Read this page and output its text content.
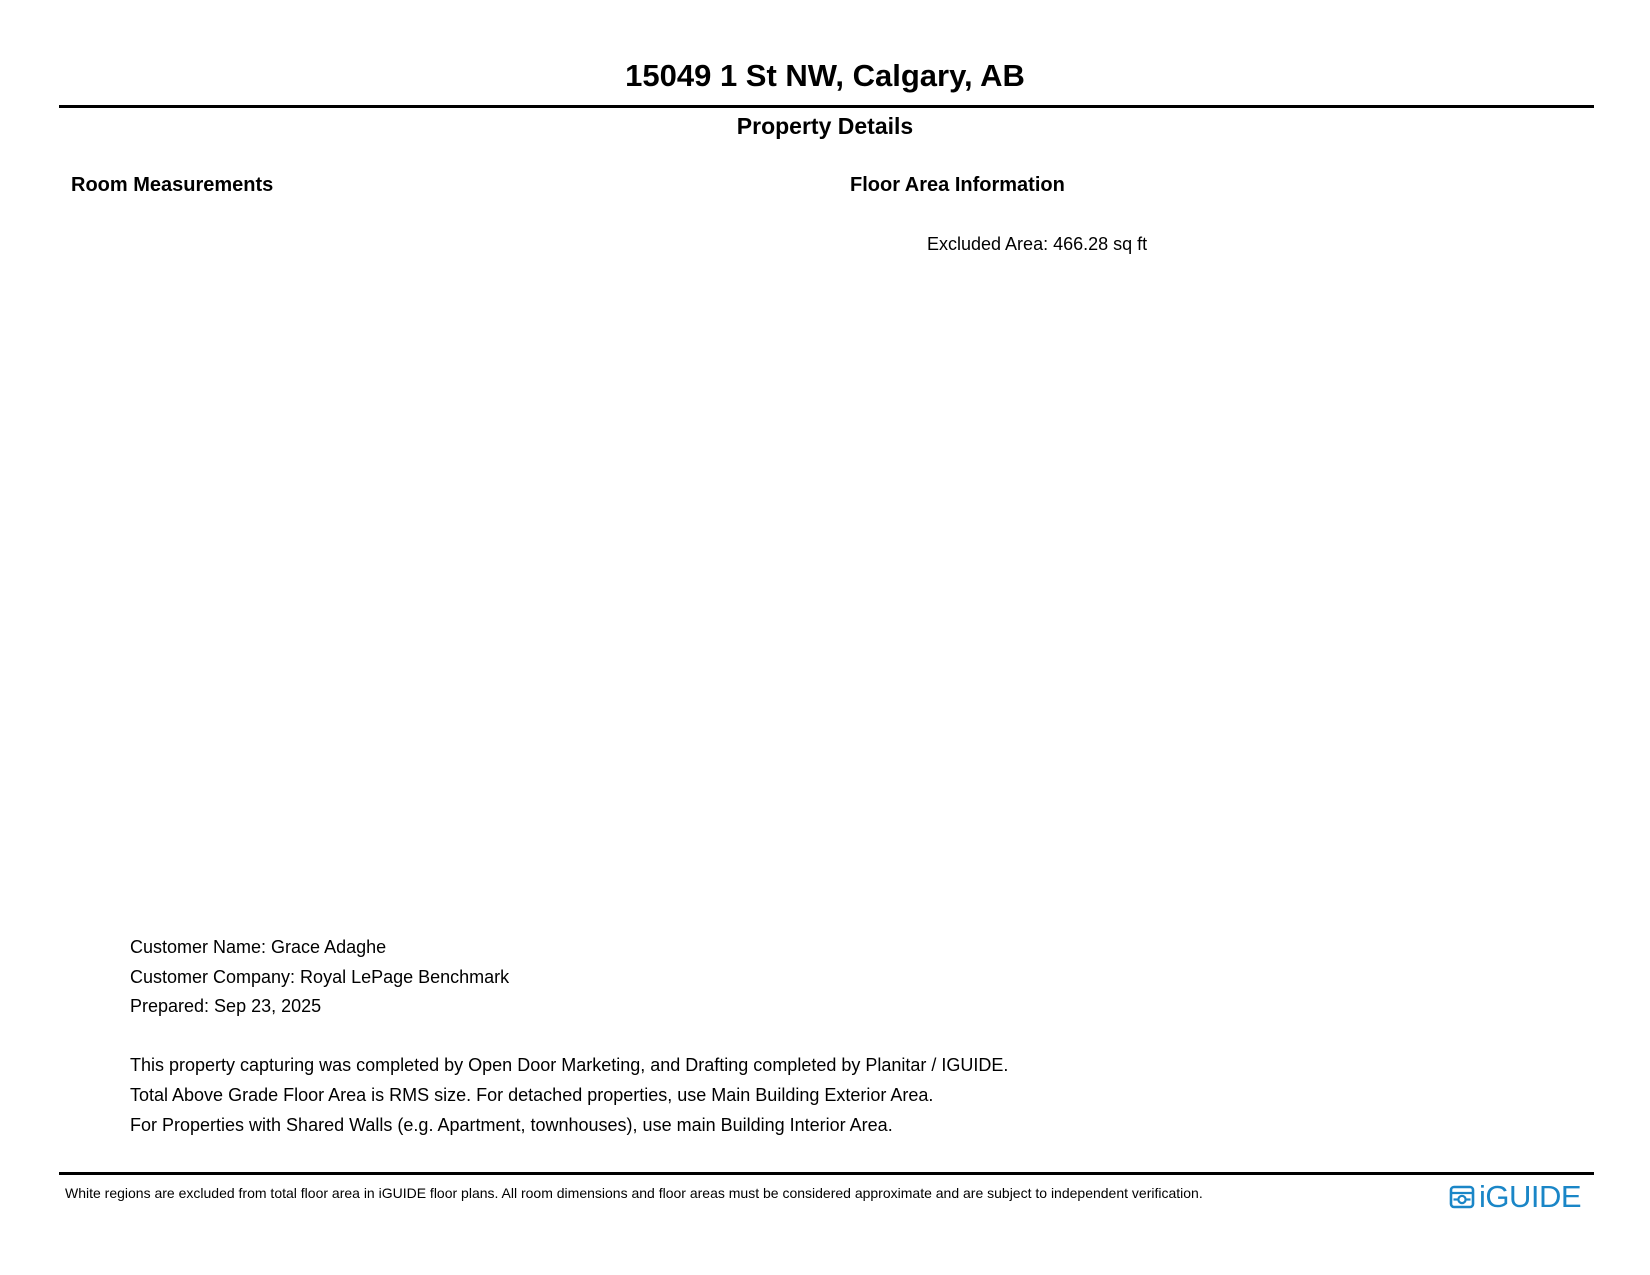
15049 1 St NW, Calgary, AB
Property Details
Room Measurements	Floor Area Information
Excluded Area: 466.28 sq ft
Customer Name: Grace Adaghe
Customer Company: Royal LePage Benchmark
Prepared: Sep 23, 2025
This property capturing was completed by Open Door Marketing, and Drafting completed by Planitar / IGUIDE.
Total Above Grade Floor Area is RMS size. For detached properties, use Main Building Exterior Area.
For Properties with Shared Walls (e.g. Apartment, townhouses), use main Building Interior Area.
White regions are excluded from total floor area in iGUIDE floor plans. All room dimensions and floor areas must be considered approximate and are subject to independent verification.	iGUIDE
